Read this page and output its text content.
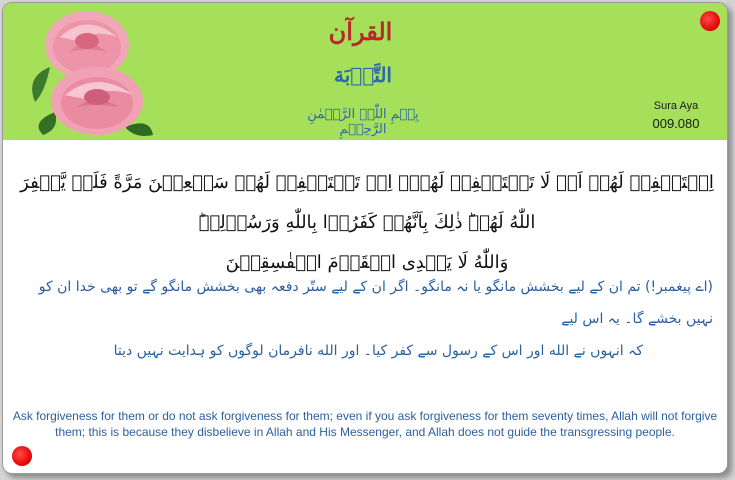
القرآن
التَّوۡبَة
بِسۡمِ اللّٰہِ الرَّحۡمٰنِ الرَّحِیۡمِ
Sura Aya
009.080
اِسۡتَغۡفِرۡ لَهُمۡ اَوۡ لَا تَسۡتَغۡفِرۡ لَهُمۡؕ اِنۡ تَسۡتَغۡفِرۡ لَهُمۡ سَبۡعِيۡنَ مَرَّةً فَلَنۡ يَّغۡفِرَ اللّٰهُ لَهُمۡ​ؕ ذٰلِكَ بِاَنَّهُمۡ كَفَرُوۡا بِاللّٰهِ وَرَسُوۡلِهٖ​ؕ
وَاللّٰهُ لَا يَهۡدِى الۡقَوۡمَ الۡفٰسِقِيۡنَ
(اے پیغمبر!) تم ان کے لیے بخشش مانگو یا نہ مانگو۔ اگر ان کے لیے ستّر دفعہ بھی بخشش مانگو گے تو بھی خدا ان کو نہیں بخشے گا۔ یہ اس لیے
کہ انہوں نے الله اور اس کے رسول سے کفر کیا۔ اور الله نافرمان لوگوں کو ہدایت نہیں دیتا
Ask forgiveness for them or do not ask forgiveness for them; even if you ask forgiveness for them seventy times, Allah will not forgive them; this is because they disbelieve in Allah and His Messenger, and Allah does not guide the transgressing people.
